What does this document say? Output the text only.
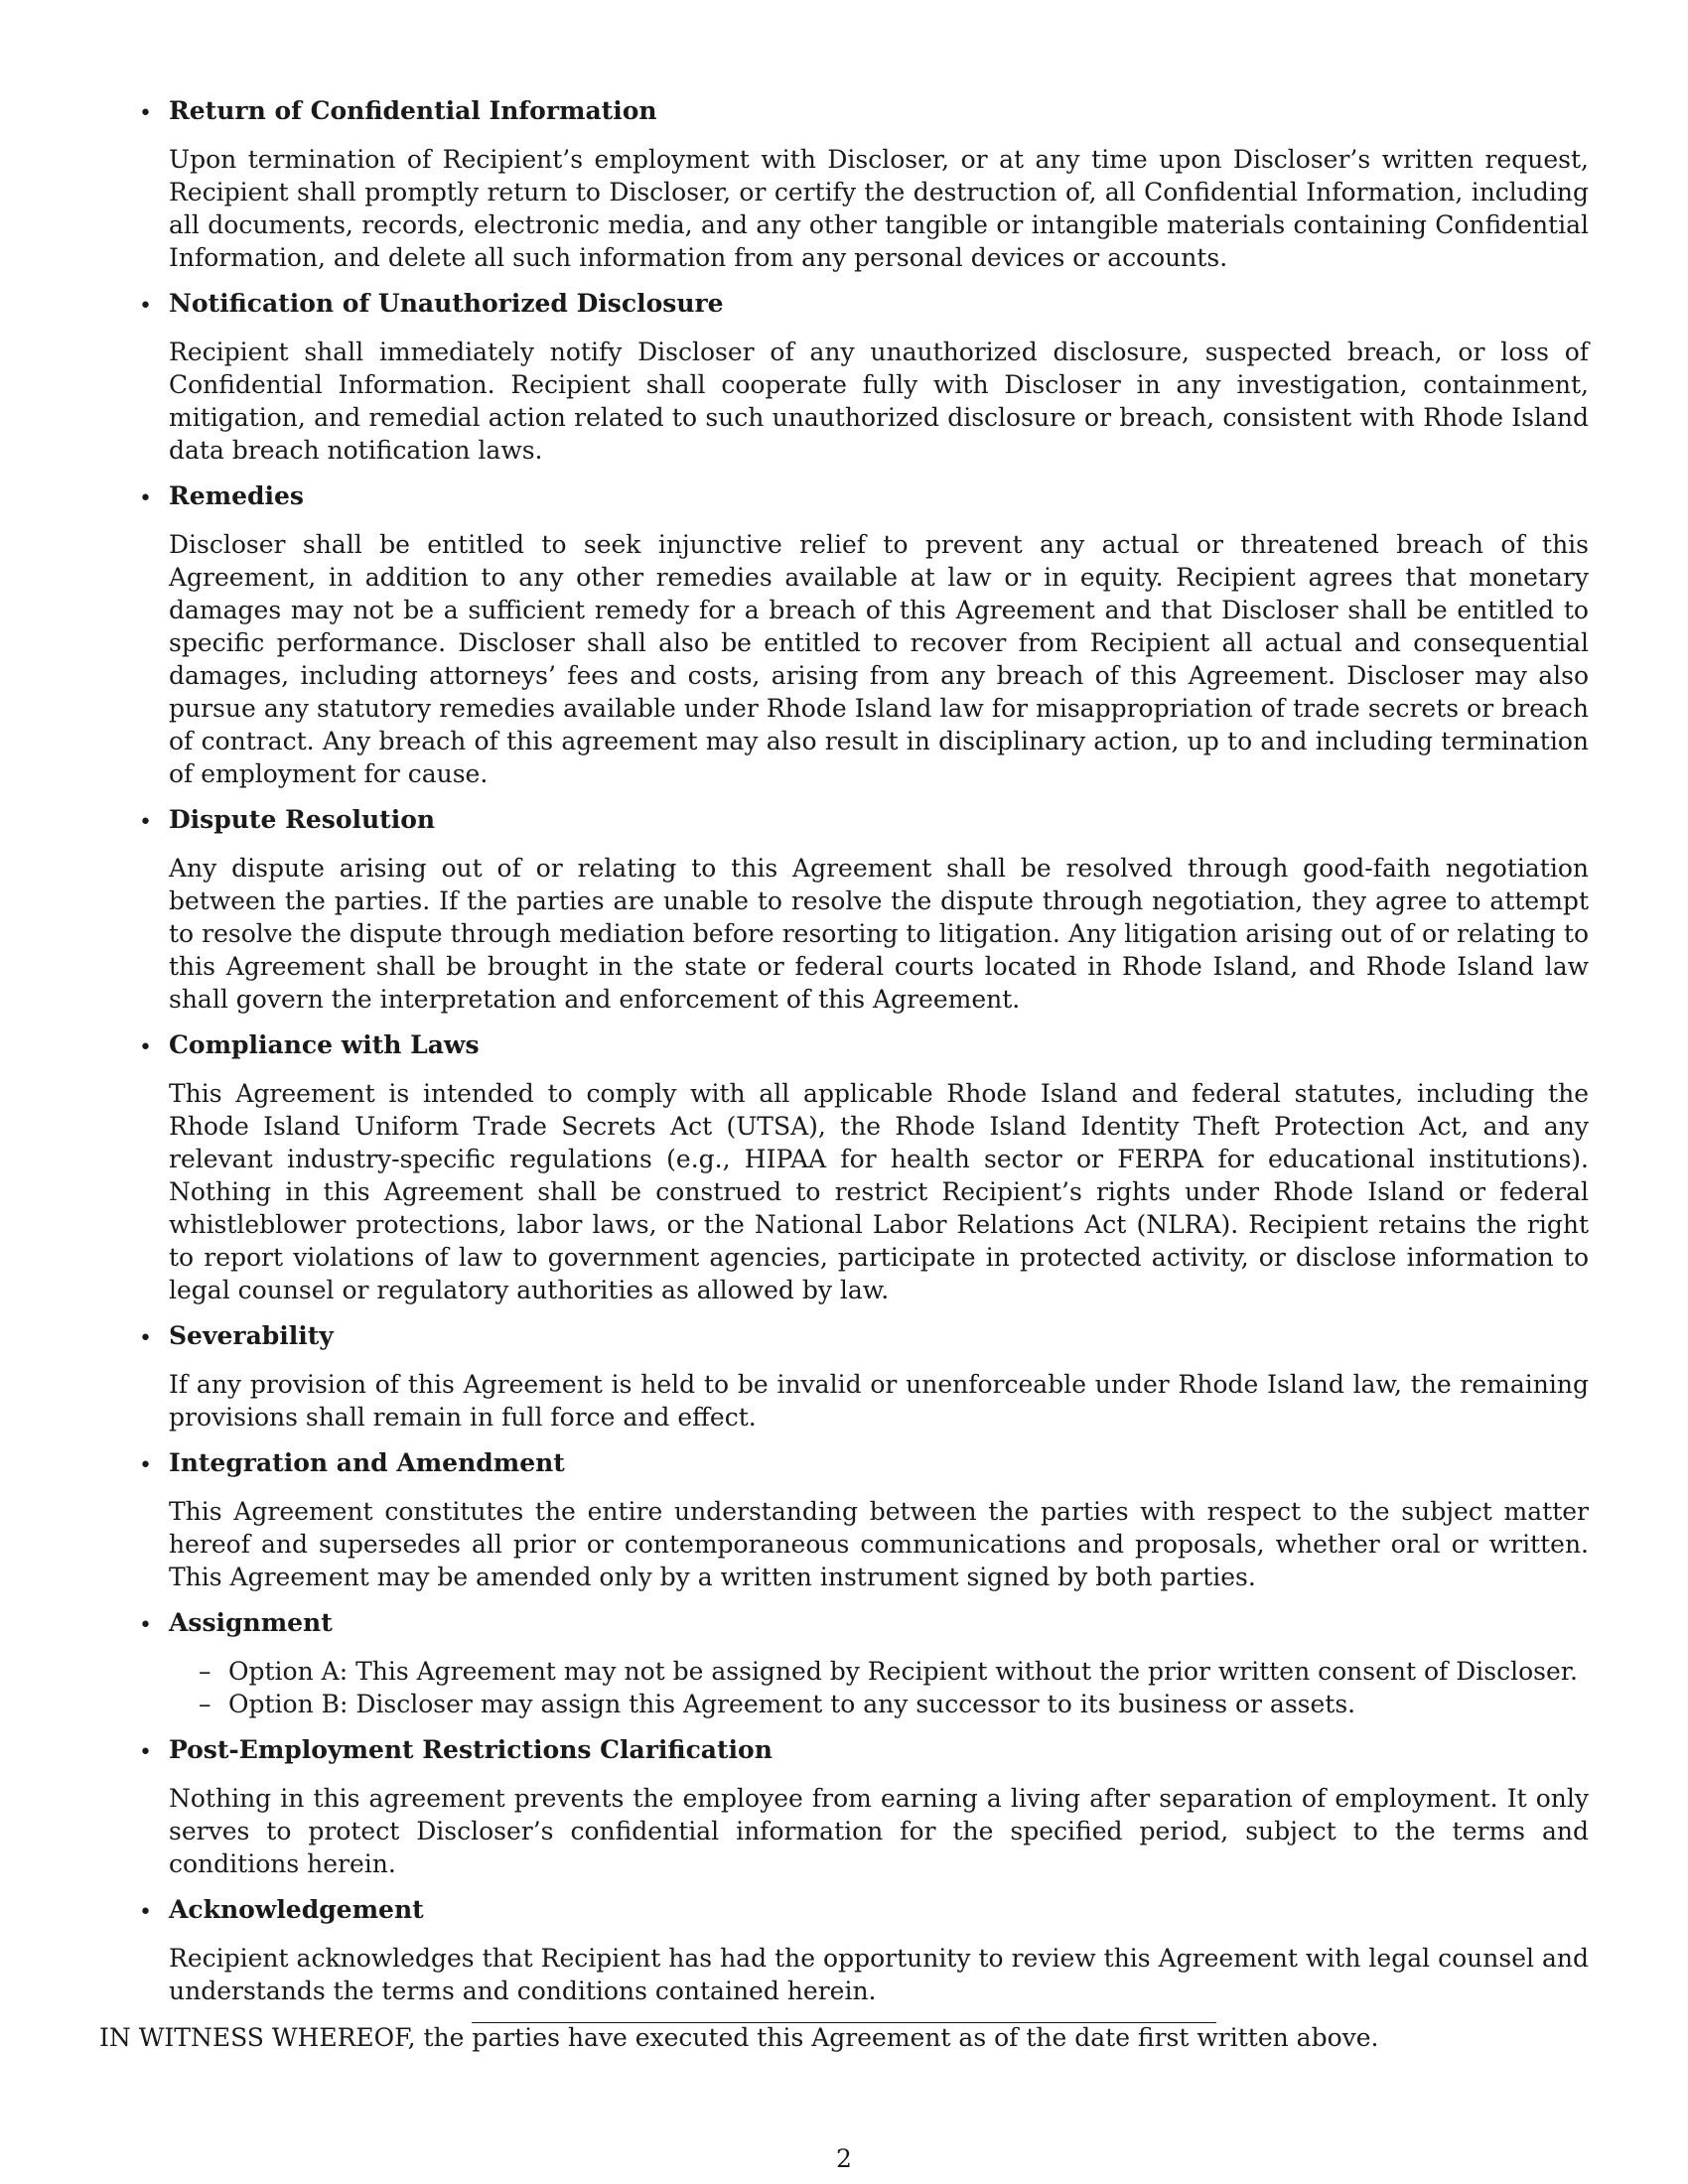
• Return of Confidential Information

Upon termination of Recipient’s employment with Discloser, or at any time upon Discloser’s written request, Recipient shall promptly return to Discloser, or certify the destruction of, all Confidential Information, including all documents, records, electronic media, and any other tangible or intangible materials containing Confidential Information, and delete all such information from any personal devices or accounts.

• Notification of Unauthorized Disclosure

Recipient shall immediately notify Discloser of any unauthorized disclosure, suspected breach, or loss of Confidential Information. Recipient shall cooperate fully with Discloser in any investigation, containment, mitigation, and remedial action related to such unauthorized disclosure or breach, consistent with Rhode Island data breach notification laws.

• Remedies

Discloser shall be entitled to seek injunctive relief to prevent any actual or threatened breach of this Agreement, in addition to any other remedies available at law or in equity. Recipient agrees that monetary damages may not be a sufficient remedy for a breach of this Agreement and that Discloser shall be entitled to specific performance. Discloser shall also be entitled to recover from Recipient all actual and consequential damages, including attorneys’ fees and costs, arising from any breach of this Agreement. Discloser may also pursue any statutory remedies available under Rhode Island law for misappropriation of trade secrets or breach of contract. Any breach of this agreement may also result in disciplinary action, up to and including termination of employment for cause.

• Dispute Resolution

Any dispute arising out of or relating to this Agreement shall be resolved through good-faith negotiation between the parties. If the parties are unable to resolve the dispute through negotiation, they agree to attempt to resolve the dispute through mediation before resorting to litigation. Any litigation arising out of or relating to this Agreement shall be brought in the state or federal courts located in Rhode Island, and Rhode Island law shall govern the interpretation and enforcement of this Agreement.

• Compliance with Laws

This Agreement is intended to comply with all applicable Rhode Island and federal statutes, including the Rhode Island Uniform Trade Secrets Act (UTSA), the Rhode Island Identity Theft Protection Act, and any relevant industry-specific regulations (e.g., HIPAA for health sector or FERPA for educational institutions). Nothing in this Agreement shall be construed to restrict Recipient’s rights under Rhode Island or federal whistleblower protections, labor laws, or the National Labor Relations Act (NLRA). Recipient retains the right to report violations of law to government agencies, participate in protected activity, or disclose information to legal counsel or regulatory authorities as allowed by law.

• Severability

If any provision of this Agreement is held to be invalid or unenforceable under Rhode Island law, the remaining provisions shall remain in full force and effect.

• Integration and Amendment

This Agreement constitutes the entire understanding between the parties with respect to the subject matter hereof and supersedes all prior or contemporaneous communications and proposals, whether oral or written. This Agreement may be amended only by a written instrument signed by both parties.

• Assignment
– Option A: This Agreement may not be assigned by Recipient without the prior written consent of Discloser.
– Option B: Discloser may assign this Agreement to any successor to its business or assets.
• Post-Employment Restrictions Clarification

Nothing in this agreement prevents the employee from earning a living after separation of employment. It only serves to protect Discloser’s confidential information for the specified period, subject to the terms and conditions herein.

• Acknowledgement

Recipient acknowledges that Recipient has had the opportunity to review this Agreement with legal counsel and understands the terms and conditions contained herein.

IN WITNESS WHEREOF, the parties have executed this Agreement as of the date first written above.

2
